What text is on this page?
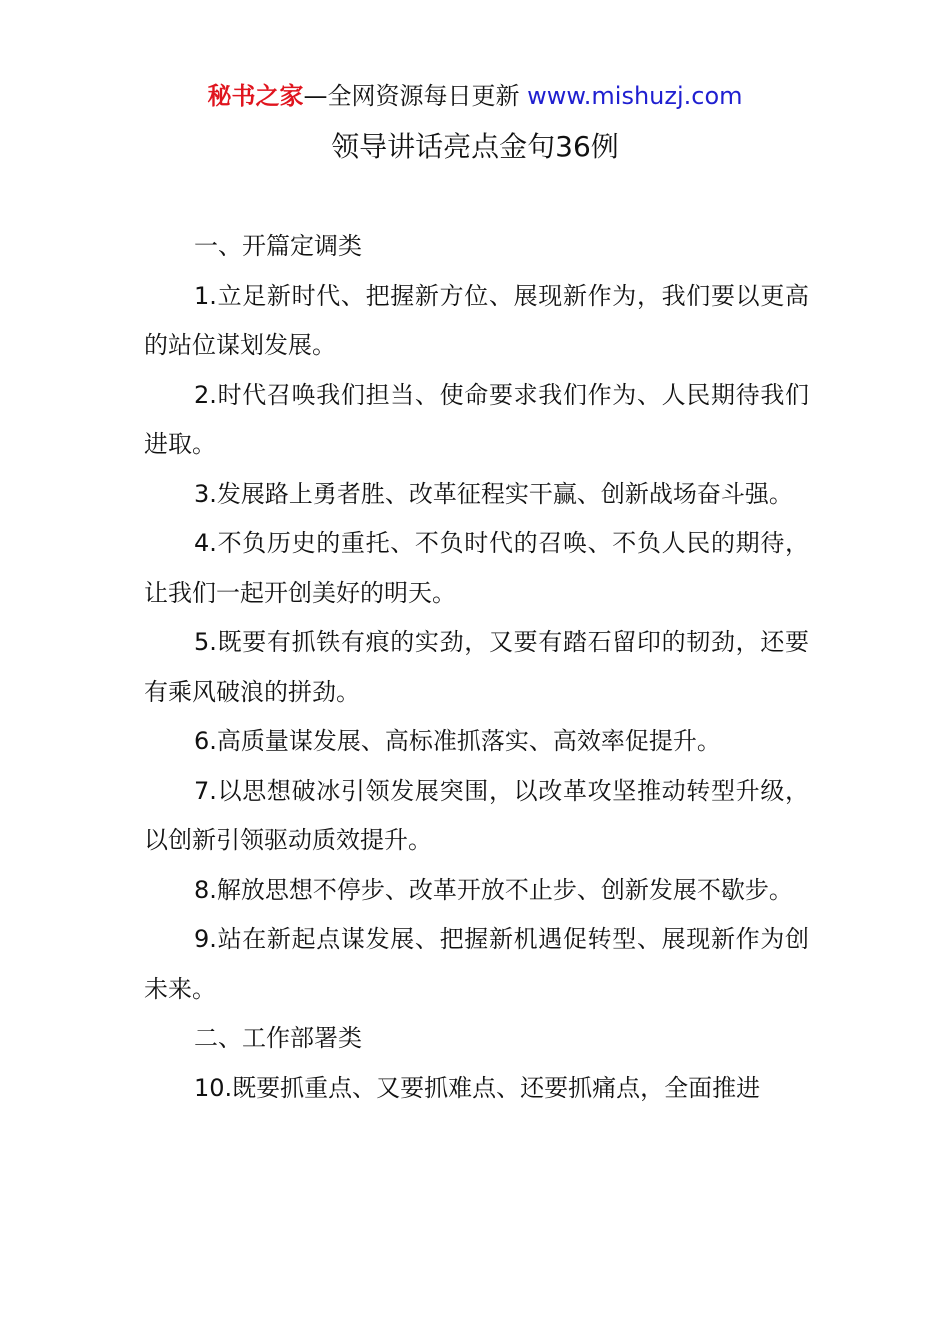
秘书之家—全网资源每日更新 www.mishuzj.com
领导讲话亮点金句36例

一、开篇定调类

1.立足新时代、把握新方位、展现新作为，我们要以更高的站位谋划发展。

2.时代召唤我们担当、使命要求我们作为、人民期待我们进取。

3.发展路上勇者胜、改革征程实干赢、创新战场奋斗强。

4.不负历史的重托、不负时代的召唤、不负人民的期待，让我们一起开创美好的明天。

5.既要有抓铁有痕的实劲，又要有踏石留印的韧劲，还要有乘风破浪的拼劲。

6.高质量谋发展、高标准抓落实、高效率促提升。

7.以思想破冰引领发展突围，以改革攻坚推动转型升级，以创新引领驱动质效提升。

8.解放思想不停步、改革开放不止步、创新发展不歇步。

9.站在新起点谋发展、把握新机遇促转型、展现新作为创未来。

二、工作部署类

10.既要抓重点、又要抓难点、还要抓痛点，全面推进
